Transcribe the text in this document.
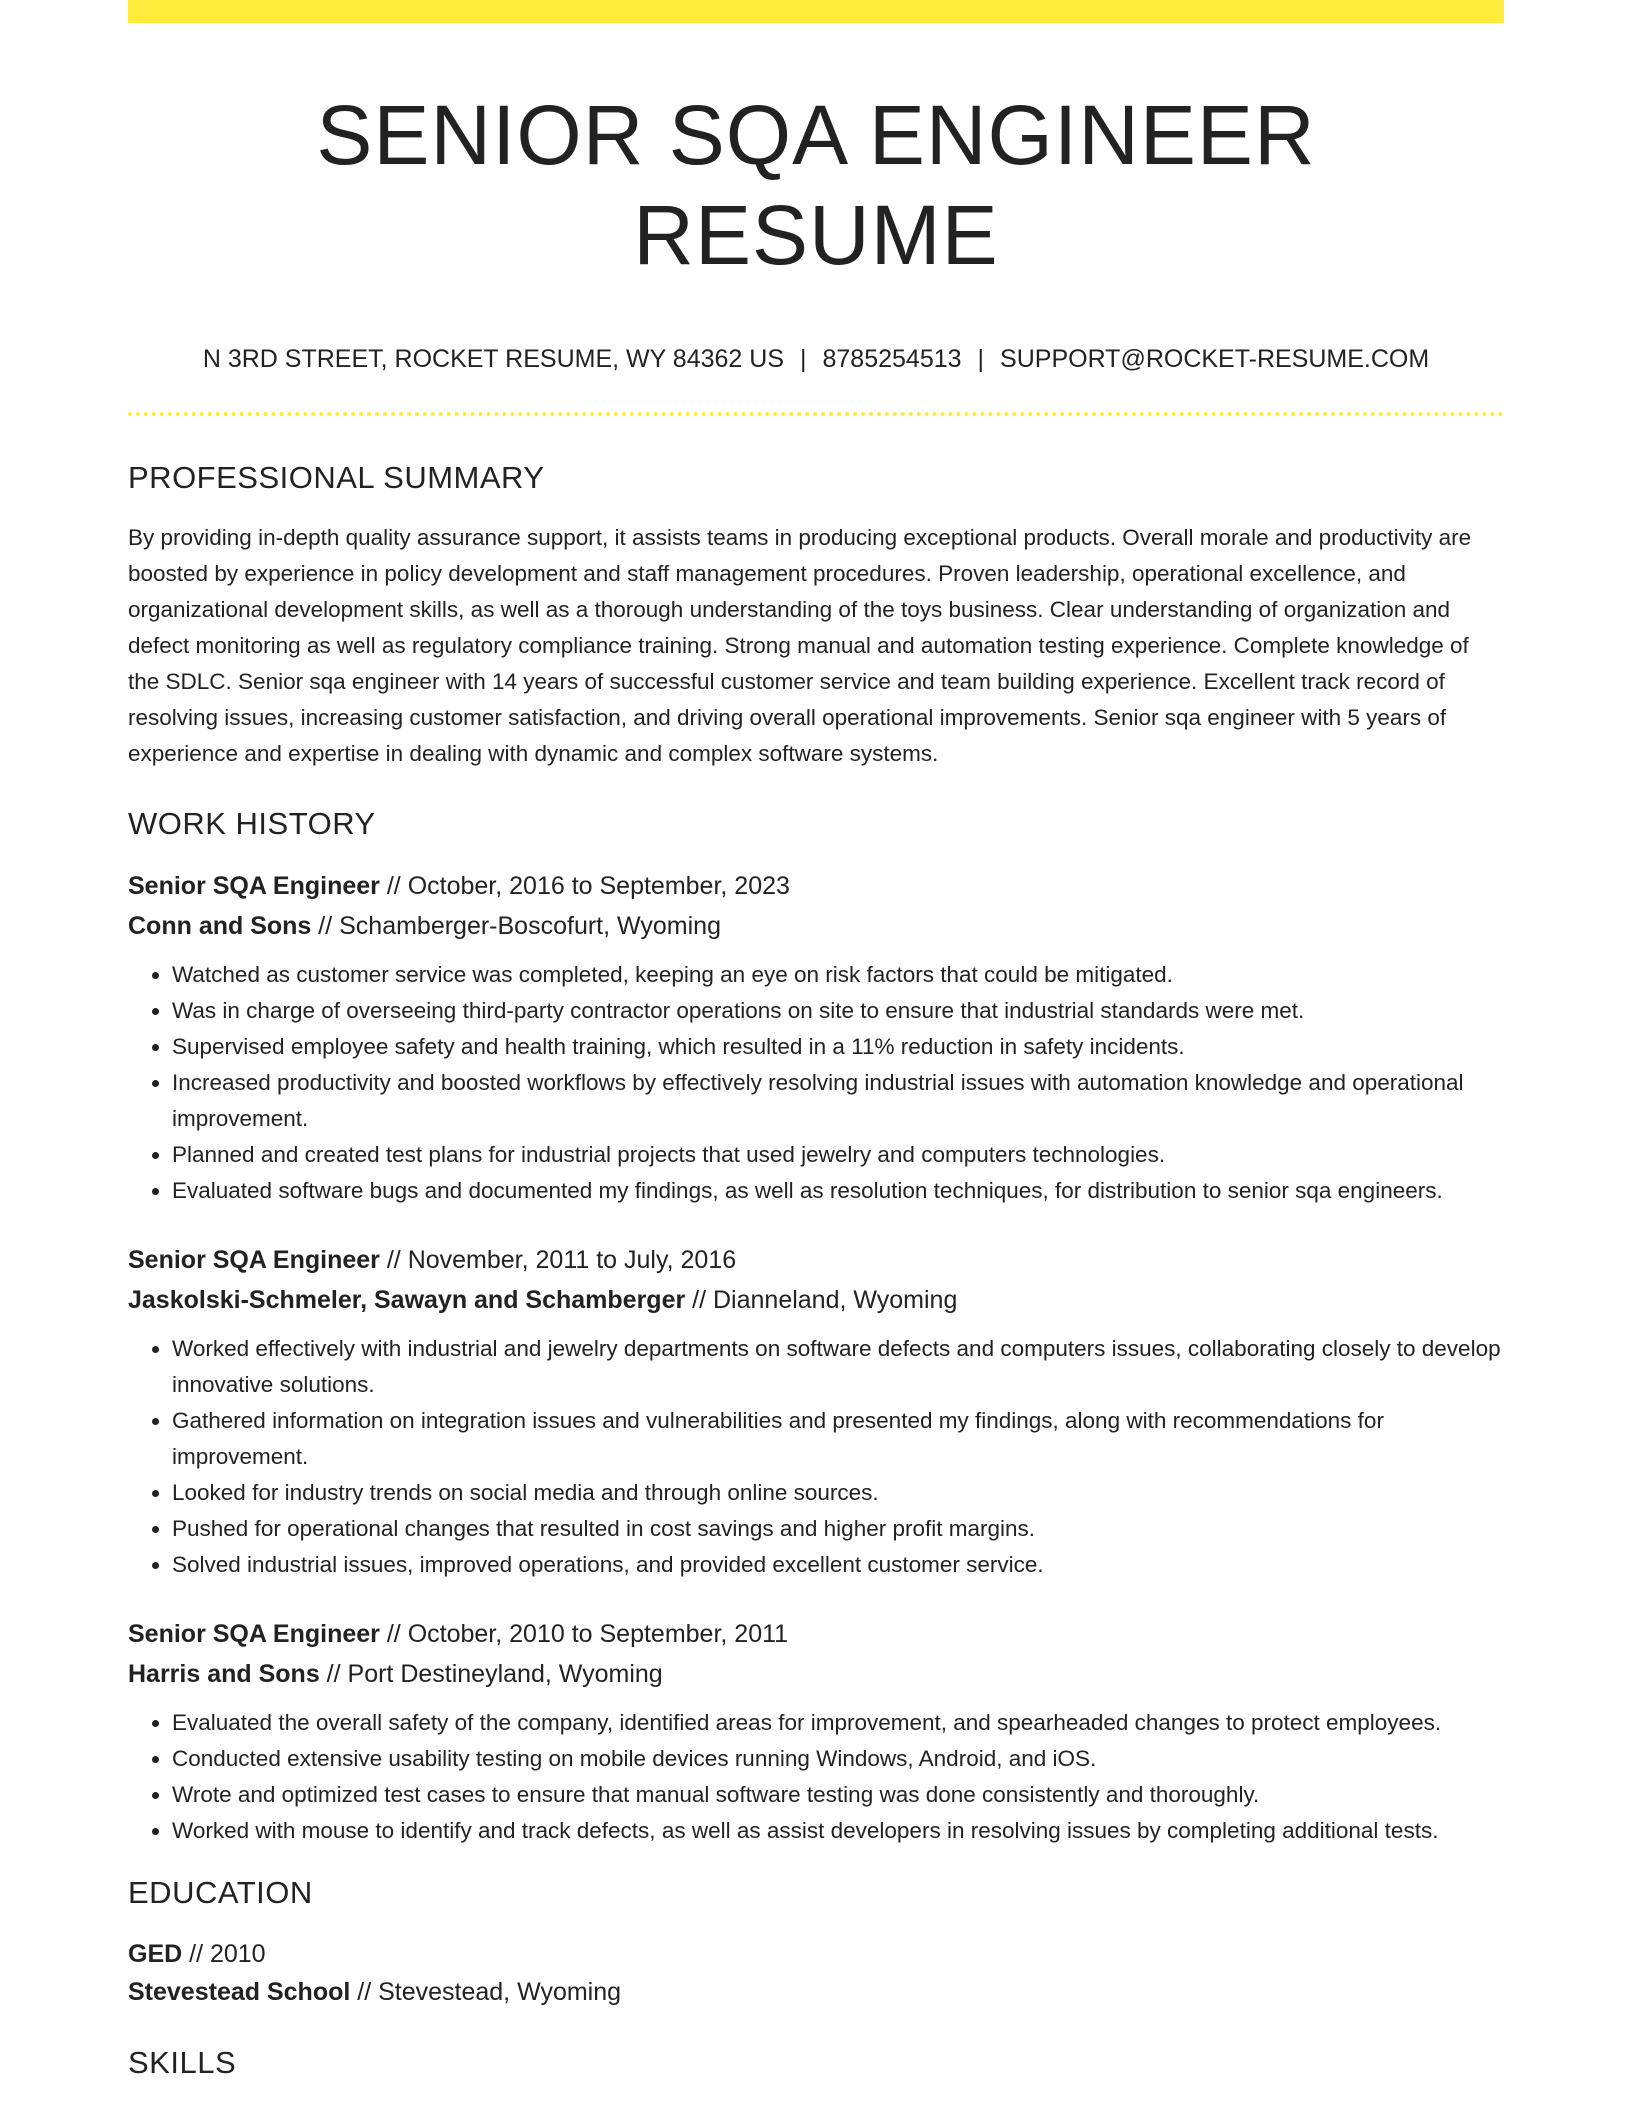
SENIOR SQA ENGINEER RESUME
N 3RD STREET, ROCKET RESUME, WY 84362 US | 8785254513 | SUPPORT@ROCKET-RESUME.COM
PROFESSIONAL SUMMARY

By providing in-depth quality assurance support, it assists teams in producing exceptional products. Overall morale and productivity are boosted by experience in policy development and staff management procedures. Proven leadership, operational excellence, and organizational development skills, as well as a thorough understanding of the toys business. Clear understanding of organization and defect monitoring as well as regulatory compliance training. Strong manual and automation testing experience. Complete knowledge of the SDLC. Senior sqa engineer with 14 years of successful customer service and team building experience. Excellent track record of resolving issues, increasing customer satisfaction, and driving overall operational improvements. Senior sqa engineer with 5 years of experience and expertise in dealing with dynamic and complex software systems.

WORK HISTORY
Senior SQA Engineer // October, 2016 to September, 2023
Conn and Sons // Schamberger-Boscofurt, Wyoming
• Watched as customer service was completed, keeping an eye on risk factors that could be mitigated.
• Was in charge of overseeing third-party contractor operations on site to ensure that industrial standards were met.
• Supervised employee safety and health training, which resulted in a 11% reduction in safety incidents.
• Increased productivity and boosted workflows by effectively resolving industrial issues with automation knowledge and operational improvement.
• Planned and created test plans for industrial projects that used jewelry and computers technologies.
• Evaluated software bugs and documented my findings, as well as resolution techniques, for distribution to senior sqa engineers.
Senior SQA Engineer // November, 2011 to July, 2016
Jaskolski-Schmeler, Sawayn and Schamberger // Dianneland, Wyoming
• Worked effectively with industrial and jewelry departments on software defects and computers issues, collaborating closely to develop innovative solutions.
• Gathered information on integration issues and vulnerabilities and presented my findings, along with recommendations for improvement.
• Looked for industry trends on social media and through online sources.
• Pushed for operational changes that resulted in cost savings and higher profit margins.
• Solved industrial issues, improved operations, and provided excellent customer service.
Senior SQA Engineer // October, 2010 to September, 2011
Harris and Sons // Port Destineyland, Wyoming
• Evaluated the overall safety of the company, identified areas for improvement, and spearheaded changes to protect employees.
• Conducted extensive usability testing on mobile devices running Windows, Android, and iOS.
• Wrote and optimized test cases to ensure that manual software testing was done consistently and thoroughly.
• Worked with mouse to identify and track defects, as well as assist developers in resolving issues by completing additional tests.
EDUCATION
GED // 2010
Stevestead School // Stevestead, Wyoming
SKILLS
